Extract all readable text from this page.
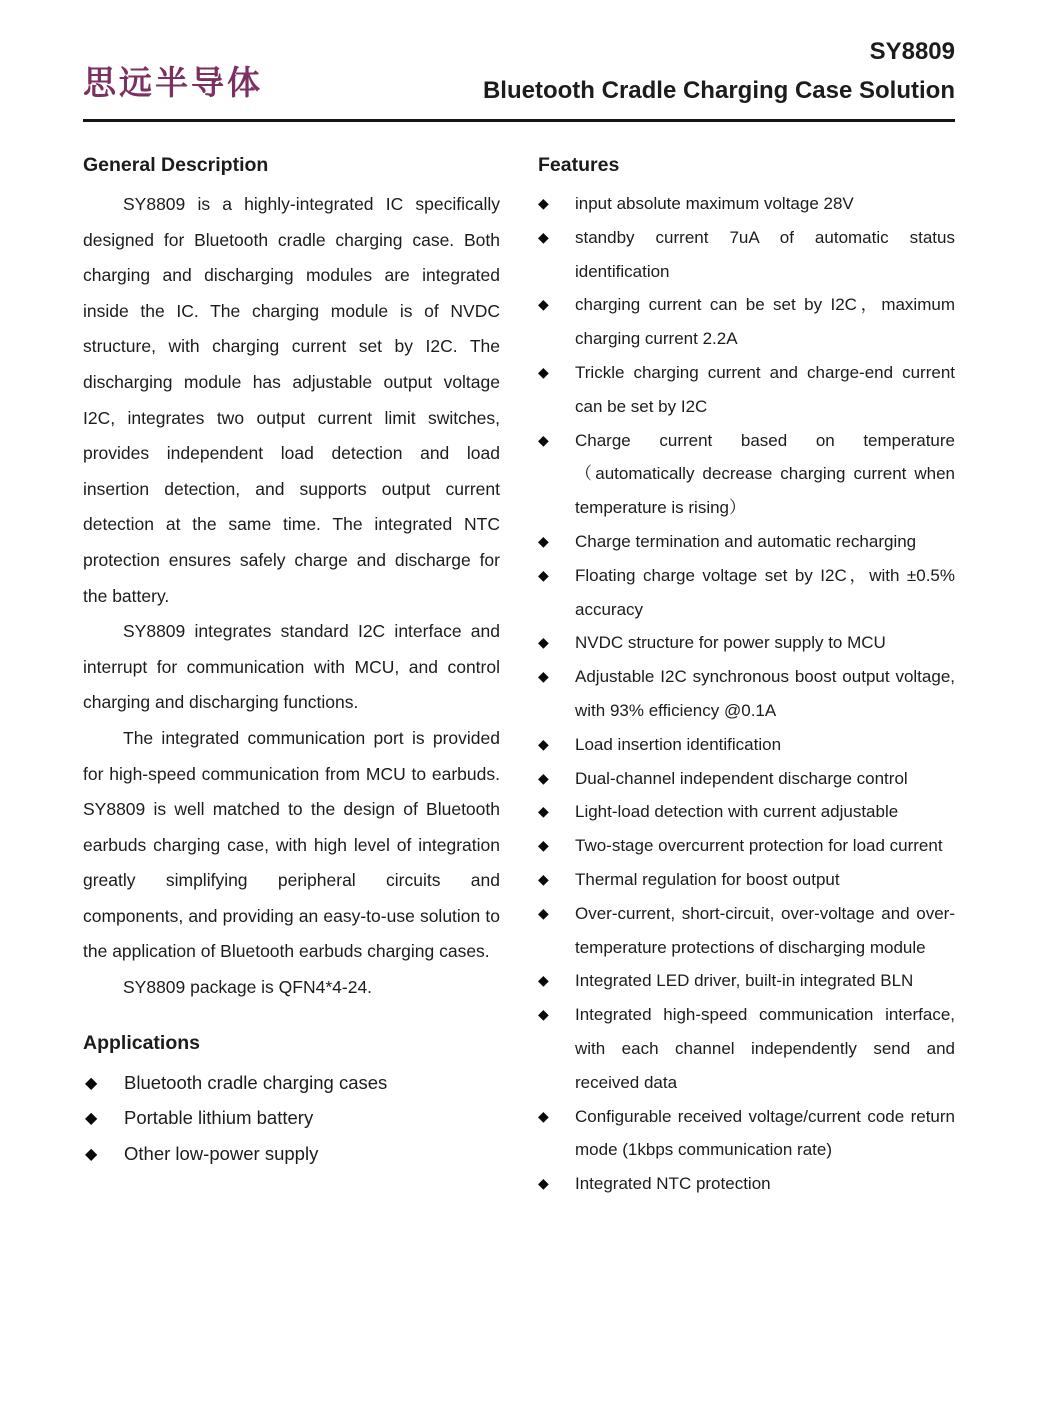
思远半导体
SY8809
Bluetooth Cradle Charging Case Solution
General Description

SY8809 is a highly-integrated IC specifically designed for Bluetooth cradle charging case. Both charging and discharging modules are integrated inside the IC. The charging module is of NVDC structure, with charging current set by I2C. The discharging module has adjustable output voltage I2C, integrates two output current limit switches, provides independent load detection and load insertion detection, and supports output current detection at the same time. The integrated NTC protection ensures safely charge and discharge for the battery.

SY8809 integrates standard I2C interface and interrupt for communication with MCU, and control charging and discharging functions.

The integrated communication port is provided for high-speed communication from MCU to earbuds. SY8809 is well matched to the design of Bluetooth earbuds charging case, with high level of integration greatly simplifying peripheral circuits and components, and providing an easy-to-use solution to the application of Bluetooth earbuds charging cases.

SY8809 package is QFN4*4-24.

Applications
◆ Bluetooth cradle charging cases
◆ Portable lithium battery
◆ Other low-power supply
Features
◆ input absolute maximum voltage 28V
◆ standby current 7uA of automatic status identification
◆ charging current can be set by I2C，maximum charging current 2.2A
◆ Trickle charging current and charge-end current can be set by I2C
◆ Charge current based on temperature （automatically decrease charging current when temperature is rising）
◆ Charge termination and automatic recharging
◆ Floating charge voltage set by I2C，with ±0.5% accuracy
◆ NVDC structure for power supply to MCU
◆ Adjustable I2C synchronous boost output voltage, with 93% efficiency @0.1A
◆ Load insertion identification
◆ Dual-channel independent discharge control
◆ Light-load detection with current adjustable
◆ Two-stage overcurrent protection for load current
◆ Thermal regulation for boost output
◆ Over-current, short-circuit, over-voltage and over-temperature protections of discharging module
◆ Integrated LED driver, built-in integrated BLN
◆ Integrated high-speed communication interface, with each channel independently send and received data
◆ Configurable received voltage/current code return mode (1kbps communication rate)
◆ Integrated NTC protection
